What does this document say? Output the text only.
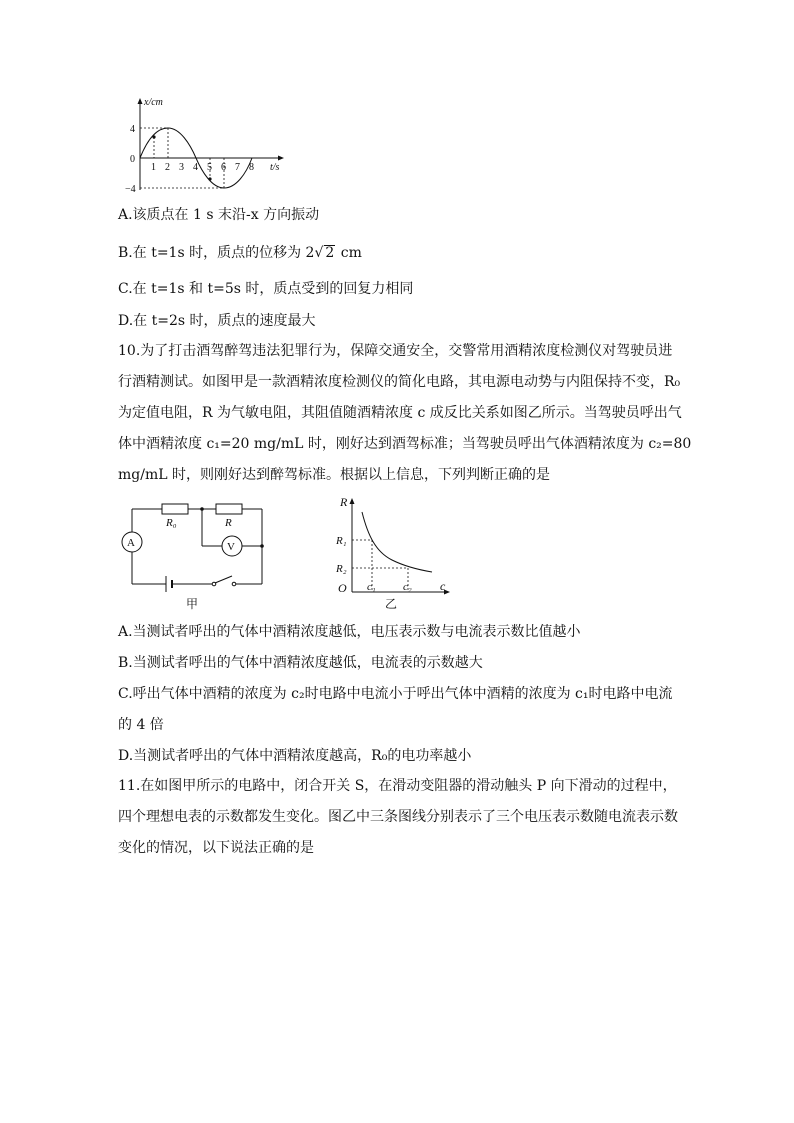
x/cm
t/s
4
0
−4
1 2 3 4 5 6 7 8
A.该质点在 1 s 末沿-x 方向振动
B.在 t=1s 时，质点的位移为 2√ 2 cm
C.在 t=1s 和 t=5s 时，质点受到的回复力相同
D.在 t=2s 时，质点的速度最大
10.为了打击酒驾醉驾违法犯罪行为，保障交通安全，交警常用酒精浓度检测仪对驾驶员进
行酒精测试。如图甲是一款酒精浓度检测仪的简化电路，其电源电动势与内阻保持不变，R₀
为定值电阻，R 为气敏电阻，其阻值随酒精浓度 c 成反比关系如图乙所示。当驾驶员呼出气
体中酒精浓度 c₁=20 mg/mL 时，刚好达到酒驾标准；当驾驶员呼出气体酒精浓度为 c₂=80
mg/mL 时，则刚好达到醉驾标准。根据以上信息，下列判断正确的是
R₀	R
V
A
甲
R
c
O
R₁
R₂
c₁ c₂
乙
A.当测试者呼出的气体中酒精浓度越低，电压表示数与电流表示数比值越小
B.当测试者呼出的气体中酒精浓度越低，电流表的示数越大
C.呼出气体中酒精的浓度为 c₂时电路中电流小于呼出气体中酒精的浓度为 c₁时电路中电流
的 4 倍
D.当测试者呼出的气体中酒精浓度越高，R₀的电功率越小
11.在如图甲所示的电路中，闭合开关 S，在滑动变阻器的滑动触头 P 向下滑动的过程中，
四个理想电表的示数都发生变化。图乙中三条图线分别表示了三个电压表示数随电流表示数
变化的情况，以下说法正确的是
